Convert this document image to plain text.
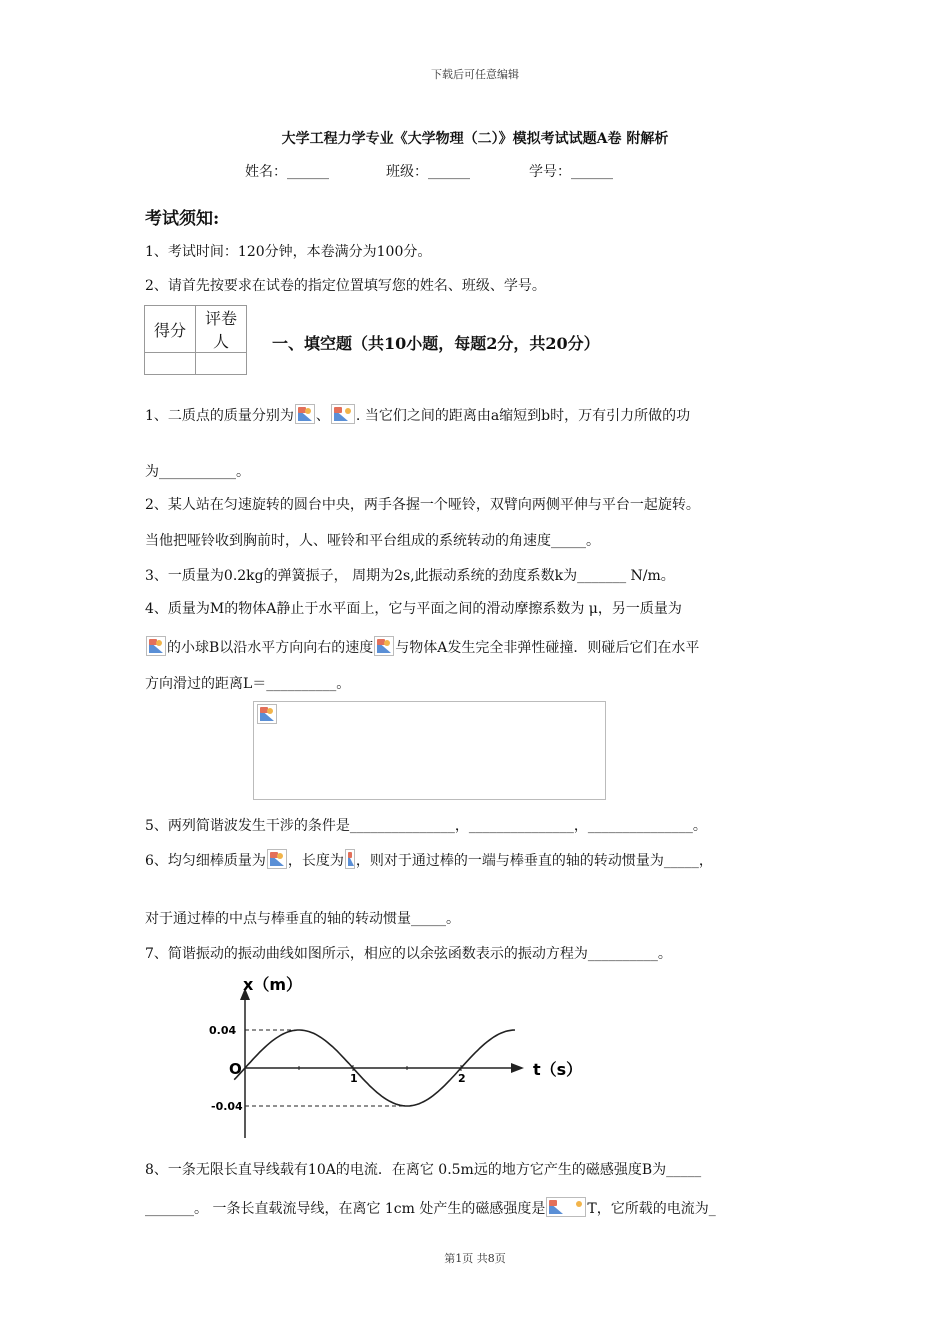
下载后可任意编辑
大学工程力学专业《大学物理（二）》模拟考试试题A卷 附解析
姓名：______	班级：______	学号：______
考试须知:
1、考试时间：120分钟，本卷满分为100分。
2、请首先按要求在试卷的指定位置填写您的姓名、班级、学号。
得分	评卷人
		一、填空题（共10小题，每题2分，共20分）
1、二质点的质量分别为 、 . 当它们之间的距离由a缩短到b时，万有引力所做的功
为___________。
2、某人站在匀速旋转的圆台中央，两手各握一个哑铃，双臂向两侧平伸与平台一起旋转。
当他把哑铃收到胸前时，人、哑铃和平台组成的系统转动的角速度_____。
3、一质量为0.2kg的弹簧振子， 周期为2s,此振动系统的劲度系数k为_______ N/m。
4、质量为M的物体A静止于水平面上，它与平面之间的滑动摩擦系数为 μ，另一质量为
的小球B以沿水平方向向右的速度 与物体A发生完全非弹性碰撞．则碰后它们在水平
方向滑过的距离L＝__________。
5、两列简谐波发生干涉的条件是_______________，_______________，_______________。
6、均匀细棒质量为 ，长度为 ，则对于通过棒的一端与棒垂直的轴的转动惯量为_____，
对于通过棒的中点与棒垂直的轴的转动惯量_____。
7、简谐振动的振动曲线如图所示，相应的以余弦函数表示的振动方程为__________。
x（m）
t（s）
O
0.04
-0.04
1	2
8、一条无限长直导线载有10A的电流．在离它 0.5m远的地方它产生的磁感强度B为_____
_______。 一条长直载流导线，在离它 1cm 处产生的磁感强度是	T，它所载的电流为_
第1页 共8页
